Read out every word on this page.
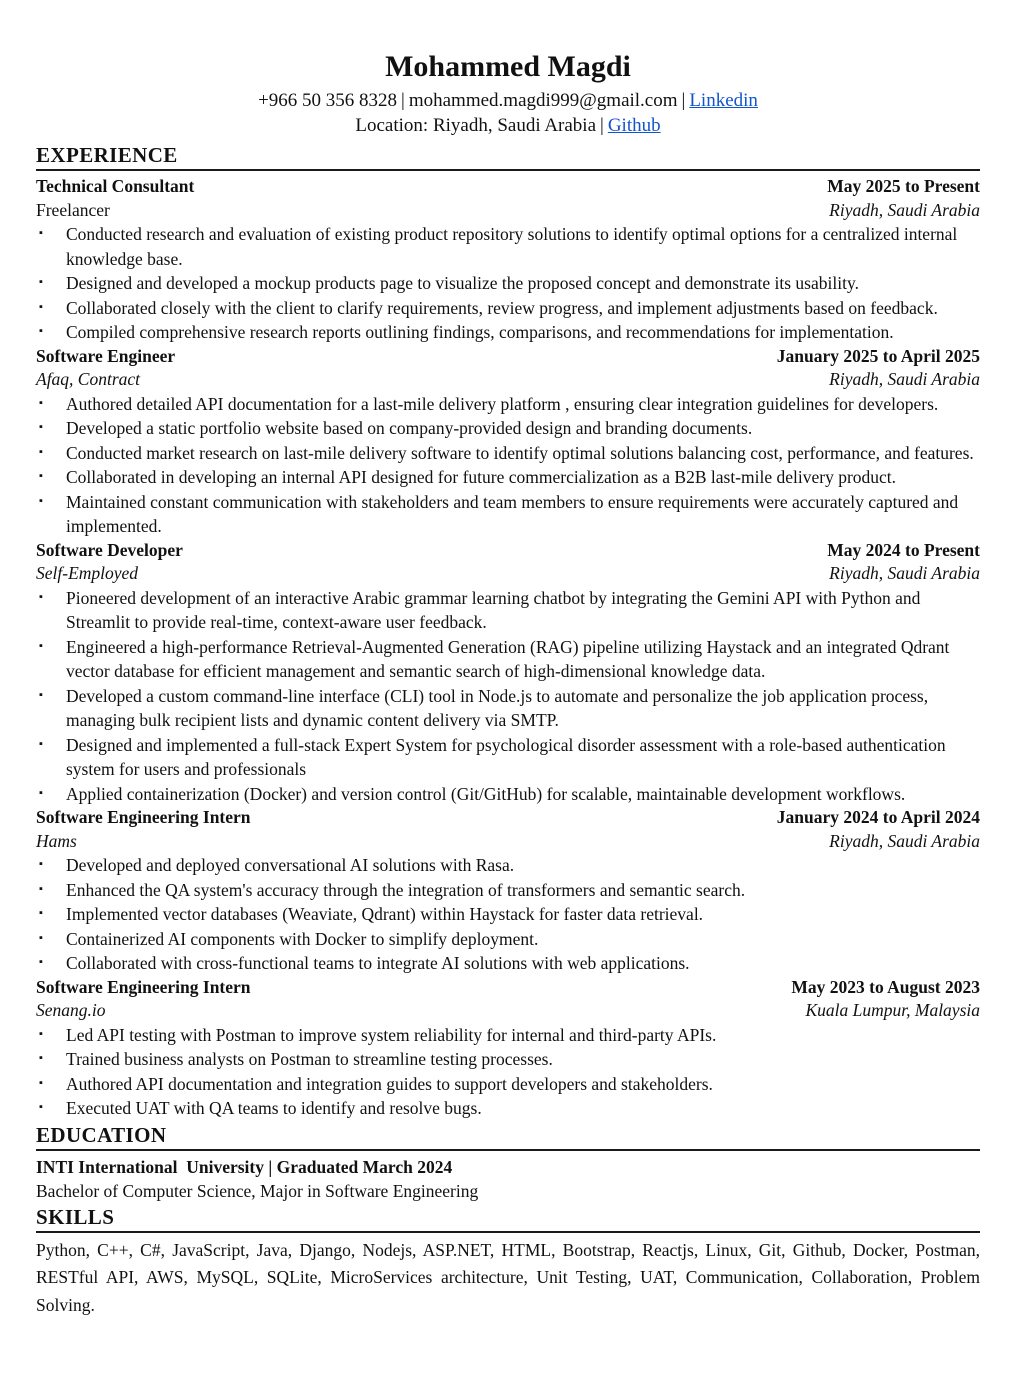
Mohammed Magdi

+966 50 356 8328 | mohammed.magdi999@gmail.com | Linkedin

Location: Riyadh, Saudi Arabia | Github

EXPERIENCE
Technical Consultant	May 2025 to Present
Freelancer	Riyadh, Saudi Arabia
▪ Conducted research and evaluation of existing product repository solutions to identify optimal options for a centralized internal knowledge base.
▪ Designed and developed a mockup products page to visualize the proposed concept and demonstrate its usability.
▪ Collaborated closely with the client to clarify requirements, review progress, and implement adjustments based on feedback.
▪ Compiled comprehensive research reports outlining findings, comparisons, and recommendations for implementation.
Software Engineer	January 2025 to April 2025
Afaq, Contract	Riyadh, Saudi Arabia
▪ Authored detailed API documentation for a last-mile delivery platform , ensuring clear integration guidelines for developers.
▪ Developed a static portfolio website based on company-provided design and branding documents.
▪ Conducted market research on last-mile delivery software to identify optimal solutions balancing cost, performance, and features.
▪ Collaborated in developing an internal API designed for future commercialization as a B2B last-mile delivery product.
▪ Maintained constant communication with stakeholders and team members to ensure requirements were accurately captured and implemented.
Software Developer	May 2024 to Present
Self-Employed	Riyadh, Saudi Arabia
▪ Pioneered development of an interactive Arabic grammar learning chatbot by integrating the Gemini API with Python and Streamlit to provide real-time, context-aware user feedback.
▪ Engineered a high-performance Retrieval-Augmented Generation (RAG) pipeline utilizing Haystack and an integrated Qdrant vector database for efficient management and semantic search of high-dimensional knowledge data.
▪ Developed a custom command-line interface (CLI) tool in Node.js to automate and personalize the job application process, managing bulk recipient lists and dynamic content delivery via SMTP.
▪ Designed and implemented a full-stack Expert System for psychological disorder assessment with a role-based authentication system for users and professionals
▪ Applied containerization (Docker) and version control (Git/GitHub) for scalable, maintainable development workflows.
Software Engineering Intern	January 2024 to April 2024
Hams	Riyadh, Saudi Arabia
▪ Developed and deployed conversational AI solutions with Rasa.
▪ Enhanced the QA system's accuracy through the integration of transformers and semantic search.
▪ Implemented vector databases (Weaviate, Qdrant) within Haystack for faster data retrieval.
▪ Containerized AI components with Docker to simplify deployment.
▪ Collaborated with cross-functional teams to integrate AI solutions with web applications.
Software Engineering Intern	May 2023 to August 2023
Senang.io	Kuala Lumpur, Malaysia
▪ Led API testing with Postman to improve system reliability for internal and third-party APIs.
▪ Trained business analysts on Postman to streamline testing processes.
▪ Authored API documentation and integration guides to support developers and stakeholders.
▪ Executed UAT with QA teams to identify and resolve bugs.
EDUCATION

INTI International  University | Graduated March 2024

Bachelor of Computer Science, Major in Software Engineering

SKILLS

Python, C++, C#, JavaScript, Java, Django, Nodejs, ASP.NET, HTML, Bootstrap, Reactjs, Linux, Git, Github, Docker, Postman, RESTful API, AWS, MySQL, SQLite, MicroServices architecture, Unit Testing, UAT, Communication, Collaboration, Problem Solving.
